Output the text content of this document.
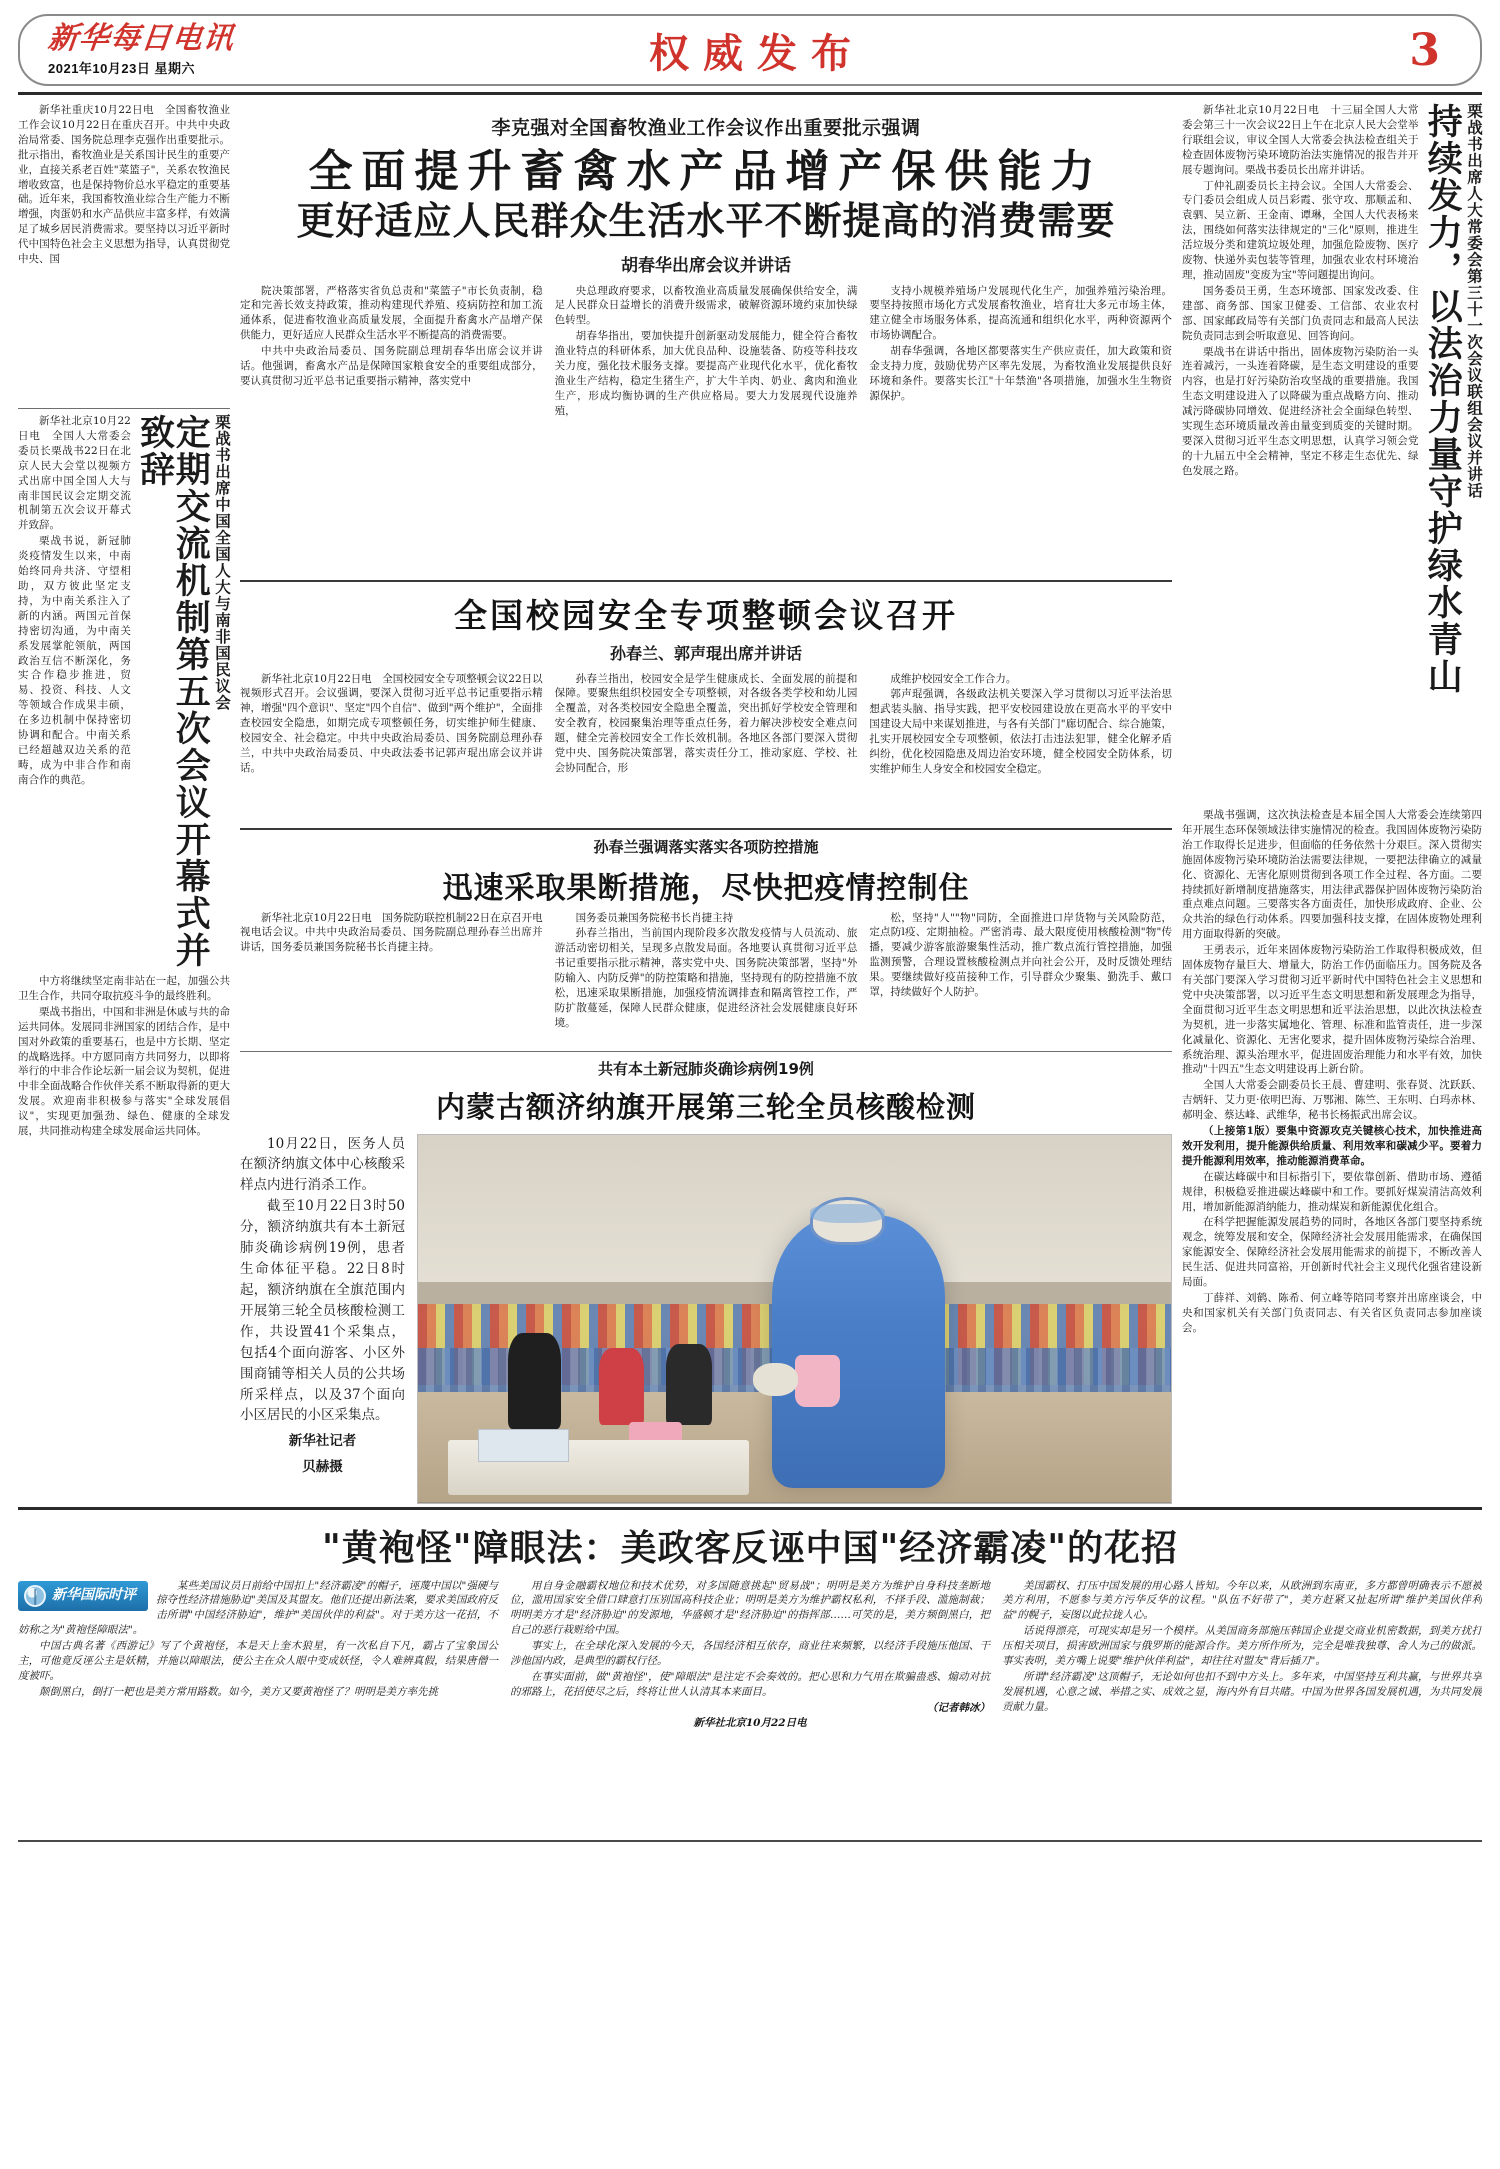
新华每日电讯
2021年10月23日 星期六	权威发布	3

新华社重庆10月22日电　全国畜牧渔业工作会议10月22日在重庆召开。中共中央政治局常委、国务院总理李克强作出重要批示。批示指出，畜牧渔业是关系国计民生的重要产业，直接关系老百姓"菜篮子"，关系农牧渔民增收致富，也是保持物价总水平稳定的重要基础。近年来，我国畜牧渔业综合生产能力不断增强，肉蛋奶和水产品供应丰富多样，有效满足了城乡居民消费需求。要坚持以习近平新时代中国特色社会主义思想为指导，认真贯彻党中央、国

栗战书出席中国全国人大与南非国民议会
定期交流机制第五次会议开幕式并致辞

新华社北京10月22日电　全国人大常委会委员长栗战书22日在北京人民大会堂以视频方式出席中国全国人大与南非国民议会定期交流机制第五次会议开幕式并致辞。

栗战书说，新冠肺炎疫情发生以来，中南始终同舟共济、守望相助，双方彼此坚定支持，为中南关系注入了新的内涵。两国元首保持密切沟通，为中南关系发展掌舵领航，两国政治互信不断深化，务实合作稳步推进，贸易、投资、科技、人文等领域合作成果丰硕，在多边机制中保持密切协调和配合。中南关系已经超越双边关系的范畴，成为中非合作和南南合作的典范。

中方将继续坚定南非站在一起，加强公共卫生合作，共同夺取抗疫斗争的最终胜利。

栗战书指出，中国和非洲是休戚与共的命运共同体。发展同非洲国家的团结合作，是中国对外政策的重要基石，也是中方长期、坚定的战略选择。中方愿同南方共同努力，以即将举行的中非合作论坛新一届会议为契机，促进中非全面战略合作伙伴关系不断取得新的更大发展。欢迎南非积极参与落实"全球发展倡议"，实现更加强劲、绿色、健康的全球发展，共同推动构建全球发展命运共同体。

李克强对全国畜牧渔业工作会议作出重要批示强调
全面提升畜禽水产品增产保供能力
更好适应人民群众生活水平不断提高的消费需要
胡春华出席会议并讲话

院决策部署，严格落实省负总责和"菜篮子"市长负责制，稳定和完善长效支持政策，推动构建现代养殖、疫病防控和加工流通体系，促进畜牧渔业高质量发展，全面提升畜禽水产品增产保供能力，更好适应人民群众生活水平不断提高的消费需要。

中共中央政治局委员、国务院副总理胡春华出席会议并讲话。他强调，畜禽水产品是保障国家粮食安全的重要组成部分，要认真贯彻习近平总书记重要指示精神，落实党中

央总理政府要求，以畜牧渔业高质量发展确保供给安全，满足人民群众日益增长的消费升级需求，破解资源环境约束加快绿色转型。

胡春华指出，要加快提升创新驱动发展能力，健全符合畜牧渔业特点的科研体系，加大优良品种、设施装备、防疫等科技攻关力度，强化技术服务支撑。要提高产业现代化水平，优化畜牧渔业生产结构，稳定生猪生产，扩大牛羊肉、奶业、禽肉和渔业生产，形成均衡协调的生产供应格局。要大力发展现代设施养殖，

支持小规模养殖场户发展现代化生产，加强养殖污染治理。要坚持按照市场化方式发展畜牧渔业，培育壮大多元市场主体，建立健全市场服务体系，提高流通和组织化水平，两种资源两个市场协调配合。

胡春华强调，各地区都要落实生产供应责任，加大政策和资金支持力度，鼓励优势产区率先发展，为畜牧渔业发展提供良好环境和条件。要落实长江"十年禁渔"各项措施，加强水生生物资源保护。

全国校园安全专项整顿会议召开
孙春兰、郭声琨出席并讲话

新华社北京10月22日电　全国校园安全专项整顿会议22日以视频形式召开。会议强调，要深入贯彻习近平总书记重要指示精神，增强"四个意识"、坚定"四个自信"、做到"两个维护"，全面排查校园安全隐患，如期完成专项整顿任务，切实维护师生健康、校园安全、社会稳定。中共中央政治局委员、国务院副总理孙春兰，中共中央政治局委员、中央政法委书记郭声琨出席会议并讲话。

孙春兰指出，校园安全是学生健康成长、全面发展的前提和保障。要聚焦组织校园安全专项整顿，对各级各类学校和幼儿园全覆盖，对各类校园安全隐患全覆盖，突出抓好学校安全管理和安全教育，校园聚集治理等重点任务，着力解决涉校安全难点问题，健全完善校园安全工作长效机制。各地区各部门要深入贯彻党中央、国务院决策部署，落实责任分工，推动家庭、学校、社会协同配合，形

成维护校园安全工作合力。

郭声琨强调，各级政法机关要深入学习贯彻以习近平法治思想武装头脑、指导实践，把平安校园建设放在更高水平的平安中国建设大局中来谋划推进，与各有关部门"廊切配合、综合施策，扎实开展校园安全专项整顿，依法打击违法犯罪，健全化解矛盾纠纷，优化校园隐患及周边治安环境，健全校园安全防体系，切实维护师生人身安全和校园安全稳定。

孙春兰强调落实落实各项防控措施
迅速采取果断措施，尽快把疫情控制住

新华社北京10月22日电　国务院防联控机制22日在京召开电视电话会议。中共中央政治局委员、国务院副总理孙春兰出席并讲话，国务委员兼国务院秘书长肖捷主持。

国务委员兼国务院秘书长肖捷主持

孙春兰指出，当前国内现阶段多次散发疫情与人员流动、旅游活动密切相关，呈现多点散发局面。各地要认真贯彻习近平总书记重要指示批示精神，落实党中央、国务院决策部署，坚持"外防输入、内防反弹"的防控策略和措施，坚持现有的防控措施不放松，迅速采取果断措施，加强疫情流调排查和隔离管控工作，严防扩散蔓延，保障人民群众健康，促进经济社会发展健康良好环境。

松，坚持"人""物"同防，全面推进口岸货物与关风险防范，定点防l疫、定期抽检。严密消毒、最大限度使用核酸检测"物"传播，要减少游客旅游聚集性活动，推广数点流行管控措施，加强监测预警，合理设置核酸检测点并向社会公开，及时反馈处理结果。要继续做好疫苗接种工作，引导群众少聚集、勤洗手、戴口罩，持续做好个人防护。

共有本土新冠肺炎确诊病例19例
内蒙古额济纳旗开展第三轮全员核酸检测

10月22日，医务人员在额济纳旗文体中心核酸采样点内进行消杀工作。

截至10月22日3时50分，额济纳旗共有本土新冠肺炎确诊病例19例，患者生命体征平稳。22日8时起，额济纳旗在全旗范围内开展第三轮全员核酸检测工作，共设置41个采集点，包括4个面向游客、小区外围商铺等相关人员的公共场所采样点，以及37个面向小区居民的小区采集点。

新华社记者
贝赫摄
栗战书出席人大常委会第三十一次会议联组会议并讲话
持续发力，以法治力量守护绿水青山

新华社北京10月22日电　十三届全国人大常委会第三十一次会议22日上午在北京人民大会堂举行联组会议，审议全国人大常委会执法检查组关于检查固体废物污染环境防治法实施情况的报告并开展专题询问。栗战书委员长出席并讲话。

丁仲礼副委员长主持会议。全国人大常委会、专门委员会组成人员吕彩霞、张守攻、那顺孟和、袁驷、吴立新、王金南、谭琳，全国人大代表杨来法，围绕如何落实法律规定的"三化"原则，推进生活垃圾分类和建筑垃圾处理，加强危险废物、医疗废物、快递外卖包装等管理，加强农业农村环境治理，推动固废"变废为宝"等问题提出询问。

国务委员王勇，生态环境部、国家发改委、住建部、商务部、国家卫健委、工信部、农业农村部、国家邮政局等有关部门负责同志和最高人民法院负责同志到会听取意见、回答询问。

栗战书在讲话中指出，固体废物污染防治一头连着减污，一头连着降碳，是生态文明建设的重要内容，也是打好污染防治攻坚战的重要措施。我国生态文明建设进入了以降碳为重点战略方向、推动减污降碳协同增效、促进经济社会全面绿色转型、实现生态环境质量改善由量变到质变的关键时期。要深入贯彻习近平生态文明思想，认真学习领会党的十九届五中全会精神，坚定不移走生态优先、绿色发展之路。

栗战书强调，这次执法检查是本届全国人大常委会连续第四年开展生态环保领域法律实施情况的检查。我国固体废物污染防治工作取得长足进步，但面临的任务依然十分艰巨。深入贯彻实施固体废物污染环境防治法需要法律规，一要把法律确立的减量化、资源化、无害化原则贯彻到各项工作全过程、各方面。二要持续抓好新增制度措施落实，用法律武器保护固体废物污染防治重点难点问题。三要落实各方面责任，加快形成政府、企业、公众共治的绿色行动体系。四要加强科技支撑，在固体废物处理利用方面取得新的突破。

王勇表示，近年来固体废物污染防治工作取得积极成效，但固体废物存量巨大、增量大，防治工作仍面临压力。国务院及各有关部门要深入学习贯彻习近平新时代中国特色社会主义思想和党中央决策部署，以习近平生态文明思想和新发展理念为指导，全面贯彻习近平生态文明思想和近平法治思想，以此次执法检查为契机，进一步落实属地化、管理、标准和监管责任，进一步深化减量化、资源化、无害化要求，提升固体废物污染综合治理、系统治理、源头治理水平，促进固废治理能力和水平有效，加快推动"十四五"生态文明建设再上新台阶。

全国人大常委会副委员长王晨、曹建明、张春贤、沈跃跃、吉炳轩、艾力更·依明巴海、万鄂湘、陈竺、王东明、白玛赤林、郝明金、蔡达峰、武维华，秘书长杨振武出席会议。

（上接第1版）要集中资源攻克关键核心技术，加快推进高效开发利用，提升能源供给质量、利用效率和碳减少平。要着力提升能源利用效率，推动能源消费革命。

在碳达峰碳中和目标指引下，要依靠创新、借助市场、遵循规律，积极稳妥推进碳达峰碳中和工作。要抓好煤炭清洁高效利用，增加新能源消纳能力，推动煤炭和新能源优化组合。

在科学把握能源发展趋势的同时，各地区各部门要坚持系统观念，统筹发展和安全，保障经济社会发展用能需求，在确保国家能源安全、保障经济社会发展用能需求的前提下，不断改善人民生活、促进共同富裕，开创新时代社会主义现代化强省建设新局面。

丁薛祥、刘鹤、陈希、何立峰等陪同考察并出席座谈会，中央和国家机关有关部门负责同志、有关省区负责同志参加座谈会。

"黄袍怪"障眼法：美政客反诬中国"经济霸凌"的花招
新华国际时评

某些美国议员日前给中国扣上"经济霸凌"的帽子，诬蔑中国以"强硬与掠夺性经济措施胁迫"美国及其盟友。他们还提出新法案，要求美国政府反击所谓"中国经济胁迫"，维护"美国伙伴的利益"。对于美方这一花招，不妨称之为"黄袍怪障眼法"。

中国古典名著《西游记》写了个黄袍怪，本是天上奎木狼星，有一次私自下凡，霸占了宝象国公主，可他竟反诬公主是妖精，并施以障眼法，使公主在众人眼中变成妖怪，令人难辨真假，结果唐僧一度被吓。

颠倒黑白，倒打一耙也是美方常用路数。如今，美方又要黄袍怪了？明明是美方率先挑

用自身金融霸权地位和技术优势，对多国随意挑起"贸易战"；明明是美方为维护自身科技垄断地位，滥用国家安全借口肆意打压别国高科技企业；明明是美方为维护霸权私利，不择手段、滥施制裁；明明美方才是"经济胁迫"的发源地，华盛顿才是"经济胁迫"的指挥部……可笑的是，美方频倒黑白，把自己的恶行栽赃给中国。

事实上，在全球化深入发展的今天，各国经济相互依存，商业往来频繁，以经济手段施压他国、干涉他国内政，是典型的霸权行径。

在事实面前，做"黄袍怪"，使"障眼法"是注定不会奏效的。把心思和力气用在欺骗蛊惑、煽动对抗的邪路上，花招使尽之后，终将让世人认清其本来面目。

（记者韩冰）
新华社北京10月22日电

美国霸权、打压中国发展的用心路人皆知。今年以来，从欧洲到东南亚，多方都曾明确表示不愿被美方利用，不愿参与美方污华反华的议程。"队伍不好带了"，美方赶紧又扯起所谓"维护美国伙伴利益"的幌子，妄图以此拉拢人心。

话说得漂亮，可现实却是另一个模样。从美国商务部施压韩国企业提交商业机密数据，到美方扰打压相关项目，损害欧洲国家与俄罗斯的能源合作。美方所作所为，完全是唯我独尊、舍人为己的做派。事实表明，美方嘴上说要"维护伙伴利益"，却往往对盟友"背后插刀"。

所谓"经济霸凌"这顶帽子，无论如何也扣不到中方头上。多年来，中国坚持互利共赢，与世界共享发展机遇，心意之诚、举措之实、成效之显，海内外有目共睹。中国为世界各国发展机遇，为共同发展贡献力量。
